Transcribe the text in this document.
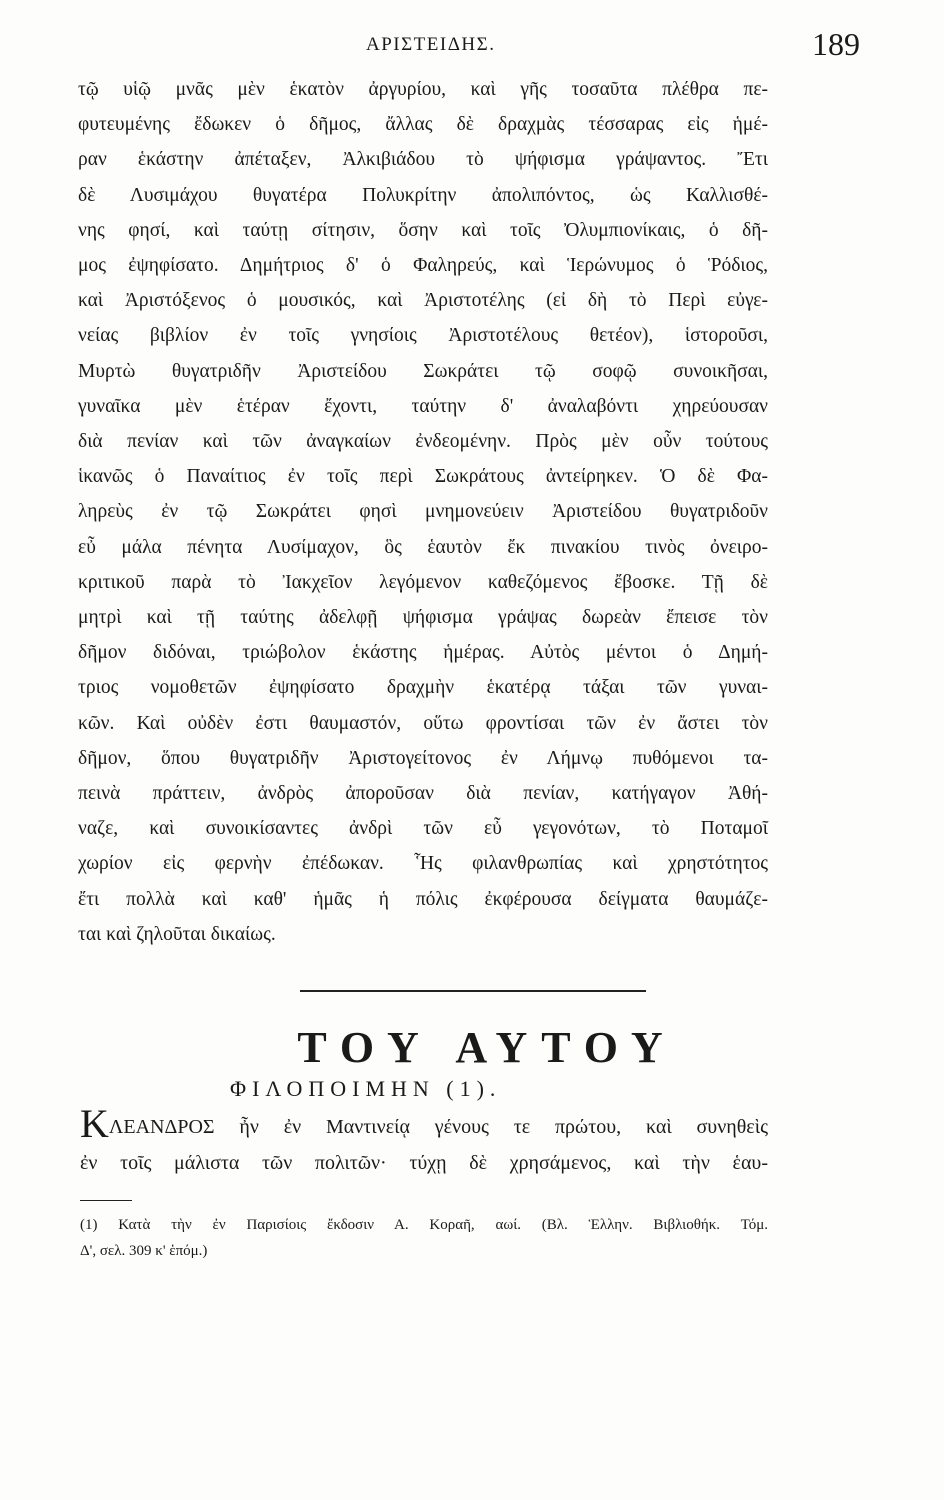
ΑΡΙΣΤΕΙΔΗΣ.	189
τῷ υἱῷ μνᾶς μὲν ἑκατὸν ἀργυρίου, καὶ γῆς τοσαῦτα πλέθρα πε-
φυτευμένης ἔδωκεν ὁ δῆμος, ἄλλας δὲ δραχμὰς τέσσαρας εἰς ἡμέ-
ραν ἑκάστην ἀπέταξεν, Ἀλκιβιάδου τὸ ψήφισμα γράψαντος. Ἔτι
δὲ Λυσιμάχου θυγατέρα Πολυκρίτην ἀπολιπόντος, ὡς Καλλισθέ-
νης φησί, καὶ ταύτῃ σίτησιν, ὅσην καὶ τοῖς Ὀλυμπιονίκαις, ὁ δῆ-
μος ἐψηφίσατο. Δημήτριος δ' ὁ Φαληρεύς, καὶ Ἱερώνυμος ὁ Ῥόδιος,
καὶ Ἀριστόξενος ὁ μουσικός, καὶ Ἀριστοτέλης (εἰ δὴ τὸ Περὶ εὐγε-
νείας βιβλίον ἐν τοῖς γνησίοις Ἀριστοτέλους θετέον), ἱστοροῦσι,
Μυρτὼ θυγατριδῆν Ἀριστείδου Σωκράτει τῷ σοφῷ συνοικῆσαι,
γυναῖκα μὲν ἑτέραν ἔχοντι, ταύτην δ' ἀναλαβόντι χηρεύουσαν
διὰ πενίαν καὶ τῶν ἀναγκαίων ἐνδεομένην. Πρὸς μὲν οὖν τούτους
ἱκανῶς ὁ Παναίτιος ἐν τοῖς περὶ Σωκράτους ἀντείρηκεν. Ὁ δὲ Φα-
ληρεὺς ἐν τῷ Σωκράτει φησὶ μνημονεύειν Ἀριστείδου θυγατριδοῦν
εὖ μάλα πένητα Λυσίμαχον, ὃς ἑαυτὸν ἔκ πινακίου τινὸς ὀνειρο-
κριτικοῦ παρὰ τὸ Ἰακχεῖον λεγόμενον καθεζόμενος ἔβοσκε. Τῇ δὲ
μητρὶ καὶ τῇ ταύτης ἀδελφῇ ψήφισμα γράψας δωρεὰν ἔπεισε τὸν
δῆμον διδόναι, τριώβολον ἑκάστης ἡμέρας. Αὐτὸς μέντοι ὁ Δημή-
τριος νομοθετῶν ἐψηφίσατο δραχμὴν ἑκατέρᾳ τάξαι τῶν γυναι-
κῶν. Καὶ οὐδὲν ἐστι θαυμαστόν, οὕτω φροντίσαι τῶν ἐν ἄστει τὸν
δῆμον, ὅπου θυγατριδῆν Ἀριστογείτονος ἐν Λήμνῳ πυθόμενοι τα-
πεινὰ πράττειν, ἀνδρὸς ἀποροῦσαν διὰ πενίαν, κατήγαγον Ἀθή-
ναζε, καὶ συνοικίσαντες ἀνδρὶ τῶν εὖ γεγονότων, τὸ Ποταμοῖ
χωρίον εἰς φερνὴν ἐπέδωκαν. Ἧς φιλανθρωπίας καὶ χρηστότητος
ἔτι πολλὰ καὶ καθ' ἡμᾶς ἡ πόλις ἐκφέρουσα δείγματα θαυμάζε-
ται καὶ ζηλοῦται δικαίως.
ΤΟΥ ΑΥΤΟΥ
ΦΙΛΟΠΟΙΜΗΝ (1).
ΚΛΕΑΝΔΡΟΣ ἦν ἐν Μαντινείᾳ γένους τε πρώτου, καὶ συνηθεὶς
ἐν τοῖς μάλιστα τῶν πολιτῶν· τύχῃ δὲ χρησάμενος, καὶ τὴν ἑαυ-
(1) Κατὰ τὴν ἐν Παρισίοις ἔκδοσιν Α. Κοραῆ, αωί. (Βλ. Ἑλλην. Βιβλιοθήκ. Τόμ.
Δ', σελ. 309 κ' ἑπόμ.)
